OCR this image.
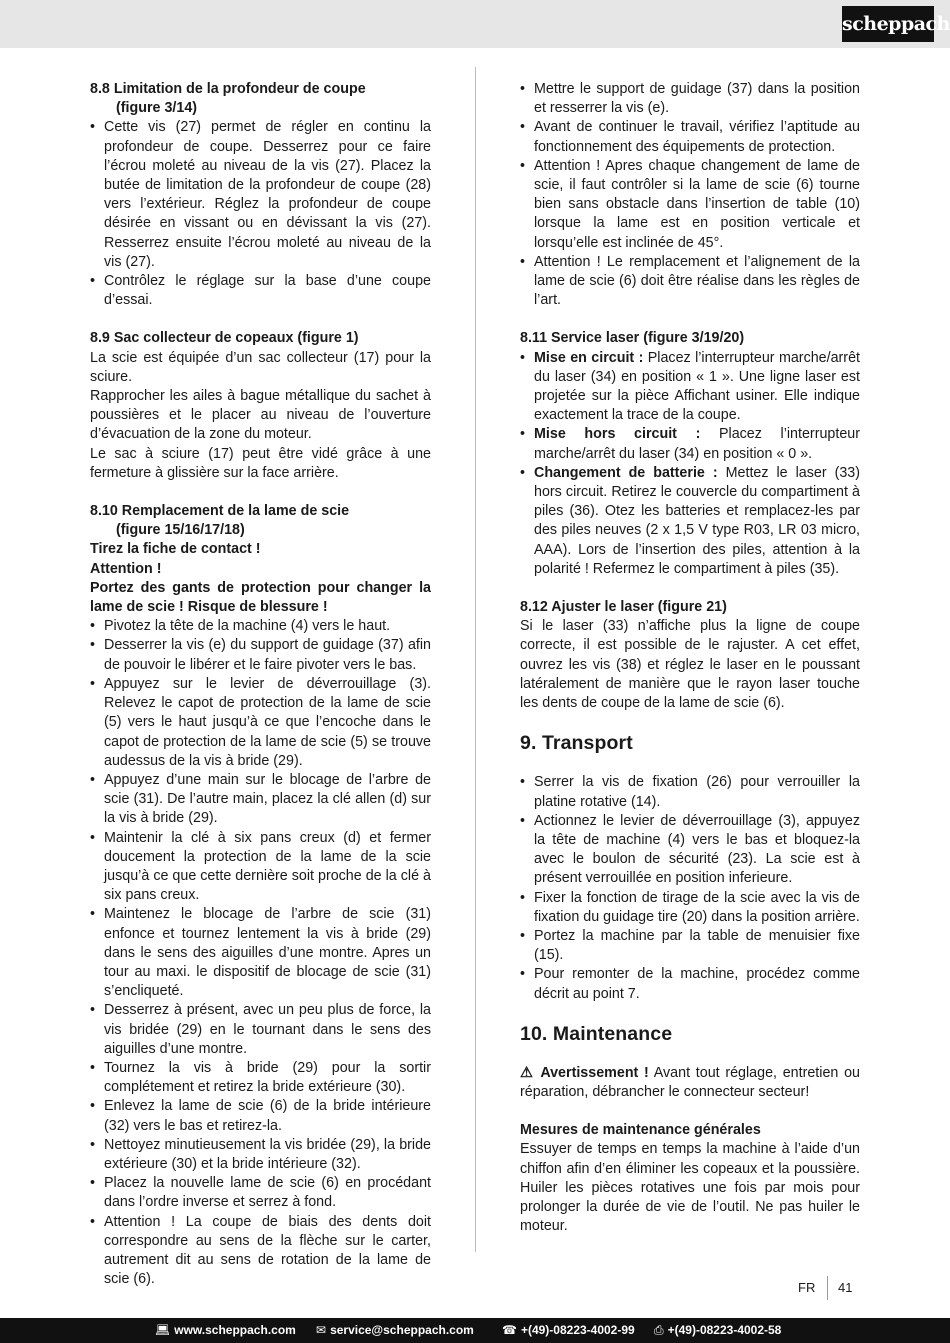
scheppach

8.8 Limitation de la profondeur de coupe
(figure 3/14)

• Cette vis (27) permet de régler en continu la profondeur de coupe. Desserrez pour ce faire l’écrou moleté au niveau de la vis (27). Placez la butée de limitation de la profondeur de coupe (28) vers l’extérieur. Réglez la profondeur de coupe désirée en vissant ou en dévissant la vis (27). Resserrez ensuite l’écrou moleté au niveau de la vis (27).
• Contrôlez le réglage sur la base d’une coupe d’essai.

8.9 Sac collecteur de copeaux (figure 1)

La scie est équipée d’un sac collecteur (17) pour la sciure.

Rapprocher les ailes à bague métallique du sachet à poussières et le placer au niveau de l’ouverture d’évacuation de la zone du moteur.

Le sac à sciure (17) peut être vidé grâce à une fermeture à glissière sur la face arrière.

8.10 Remplacement de la lame de scie
(figure 15/16/17/18)

Tirez la fiche de contact !

Attention !

Portez des gants de protection pour changer la lame de scie ! Risque de blessure !

• Pivotez la tête de la machine (4) vers le haut.
• Desserrer la vis (e) du support de guidage (37) afin de pouvoir le libérer et le faire pivoter vers le bas.
• Appuyez sur le levier de déverrouillage (3). Relevez le capot de protection de la lame de scie (5) vers le haut jusqu’à ce que l’encoche dans le capot de protection de la lame de scie (5) se trouve audessus de la vis à bride (29).
• Appuyez d’une main sur le blocage de l’arbre de scie (31). De l’autre main, placez la clé allen (d) sur la vis à bride (29).
• Maintenir la clé à six pans creux (d) et fermer doucement la protection de la lame de la scie jusqu’à ce que cette dernière soit proche de la clé à six pans creux.
• Maintenez le blocage de l’arbre de scie (31) enfonce et tournez lentement la vis à bride (29) dans le sens des aiguilles d’une montre. Apres un tour au maxi. le dispositif de blocage de scie (31) s’encliqueté.
• Desserrez à présent, avec un peu plus de force, la vis bridée (29) en le tournant dans le sens des aiguilles d’une montre.
• Tournez la vis à bride (29) pour la sortir complétement et retirez la bride extérieure (30).
• Enlevez la lame de scie (6) de la bride intérieure (32) vers le bas et retirez-la.
• Nettoyez minutieusement la vis bridée (29), la bride extérieure (30) et la bride intérieure (32).
• Placez la nouvelle lame de scie (6) en procédant dans l’ordre inverse et serrez à fond.
• Attention ! La coupe de biais des dents doit correspondre au sens de la flèche sur le carter, autrement dit au sens de rotation de la lame de scie (6).
• Mettre le support de guidage (37) dans la position et resserrer la vis (e).
• Avant de continuer le travail, vérifiez l’aptitude au fonctionnement des équipements de protection.
• Attention ! Apres chaque changement de lame de scie, il faut contrôler si la lame de scie (6) tourne bien sans obstacle dans l’insertion de table (10) lorsque la lame est en position verticale et lorsqu’elle est inclinée de 45°.
• Attention ! Le remplacement et l’alignement de la lame de scie (6) doit être réalise dans les règles de l’art.

8.11 Service laser (figure 3/19/20)

• Mise en circuit : Placez l’interrupteur marche/arrêt du laser (34) en position « 1 ». Une ligne laser est projetée sur la pièce Affichant usiner. Elle indique exactement la trace de la coupe.
• Mise hors circuit : Placez l’interrupteur marche/arrêt du laser (34) en position « 0 ».
• Changement de batterie : Mettez le laser (33) hors circuit. Retirez le couvercle du compartiment à piles (36). Otez les batteries et remplacez-les par des piles neuves (2 x 1,5 V type R03, LR 03 micro, AAA). Lors de l’insertion des piles, attention à la polarité ! Refermez le compartiment à piles (35).

8.12 Ajuster le laser (figure 21)

Si le laser (33) n’affiche plus la ligne de coupe correcte, il est possible de le rajuster. A cet effet, ouvrez les vis (38) et réglez le laser en le poussant latéralement de manière que le rayon laser touche les dents de coupe de la lame de scie (6).

9. Transport

• Serrer la vis de fixation (26) pour verrouiller la platine rotative (14).
• Actionnez le levier de déverrouillage (3), appuyez la tête de machine (4) vers le bas et bloquez-la avec le boulon de sécurité (23). La scie est à présent verrouillée en position inferieure.
• Fixer la fonction de tirage de la scie avec la vis de fixation du guidage tire (20) dans la position arrière.
• Portez la machine par la table de menuisier fixe (15).
• Pour remonter de la machine, procédez comme décrit au point 7.

10. Maintenance

⚠ Avertissement ! Avant tout réglage, entretien ou réparation, débrancher le connecteur secteur!

Mesures de maintenance générales

Essuyer de temps en temps la machine à l’aide d’un chiffon afin d’en éliminer les copeaux et la poussière. Huiler les pièces rotatives une fois par mois pour prolonger la durée de vie de l’outil. Ne pas huiler le moteur.

FR 41
💻︎ www.scheppach.com ✉︎ service@scheppach.com ☎︎ +(49)-08223-4002-99 ⎙ +(49)-08223-4002-58
